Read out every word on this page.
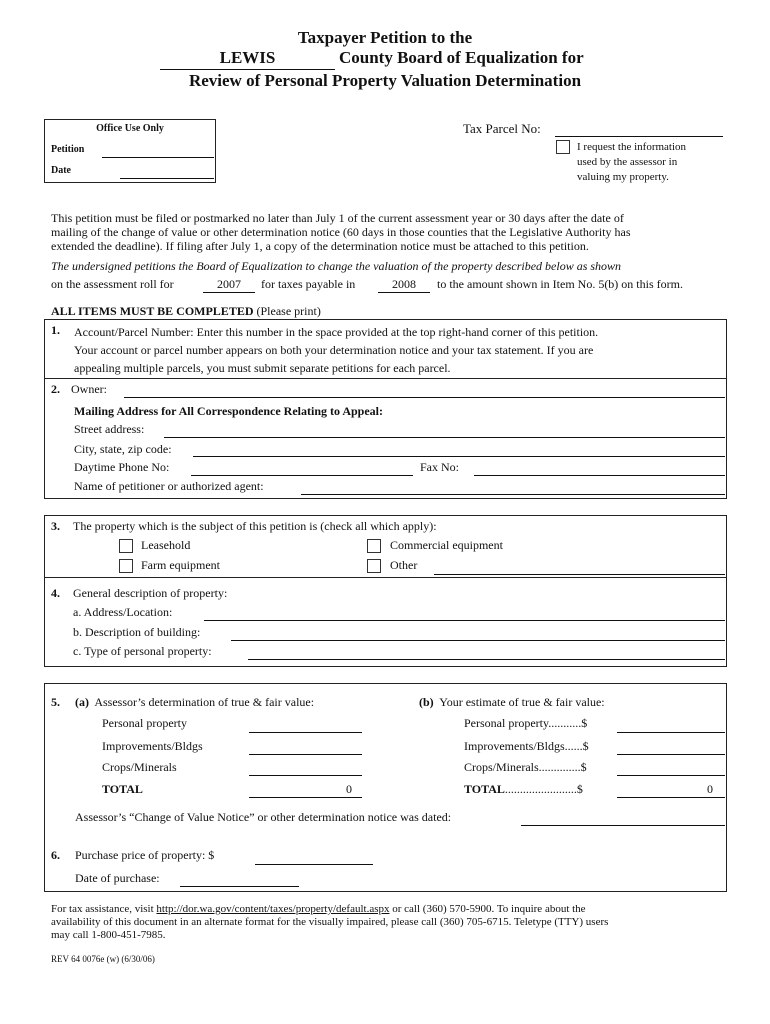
Taxpayer Petition to the
LEWIS	County Board of Equalization for
Review of Personal Property Valuation Determination
Office Use Only
Petition
Date
Tax Parcel No:
I request the information
used by the assessor in
valuing my property.
This petition must be filed or postmarked no later than July 1 of the current assessment year or 30 days after the date of
mailing of the change of value or other determination notice (60 days in those counties that the Legislative Authority has
extended the deadline). If filing after July 1, a copy of the determination notice must be attached to this petition.
The undersigned petitions the Board of Equalization to change the valuation of the property described below as shown
on the assessment roll for	2007	for taxes payable in	2008	to the amount shown in Item No. 5(b) on this form.
ALL ITEMS MUST BE COMPLETED (Please print)
1. Account/Parcel Number: Enter this number in the space provided at the top right-hand corner of this petition.
Your account or parcel number appears on both your determination notice and your tax statement. If you are
appealing multiple parcels, you must submit separate petitions for each parcel.
2. Owner:
Mailing Address for All Correspondence Relating to Appeal:
Street address:
City, state, zip code:
Daytime Phone No:	Fax No:
Name of petitioner or authorized agent:
3. The property which is the subject of this petition is (check all which apply):
Leasehold
Farm equipment
Commercial equipment
Other
4. General description of property:
a. Address/Location:
b. Description of building:
c. Type of personal property:
5. (a) Assessor’s determination of true & fair value:	(b) Your estimate of true & fair value:
Personal property
Improvements/Bldgs
Crops/Minerals
TOTAL	0
Personal property...........$
Improvements/Bldgs......$
Crops/Minerals..............$
TOTAL........................$	0
Assessor’s “Change of Value Notice” or other determination notice was dated:
6. Purchase price of property: $
Date of purchase:
For tax assistance, visit http://dor.wa.gov/content/taxes/property/default.aspx or call (360) 570-5900. To inquire about the
availability of this document in an alternate format for the visually impaired, please call (360) 705-6715. Teletype (TTY) users
may call 1-800-451-7985.
REV 64 0076e (w) (6/30/06)
